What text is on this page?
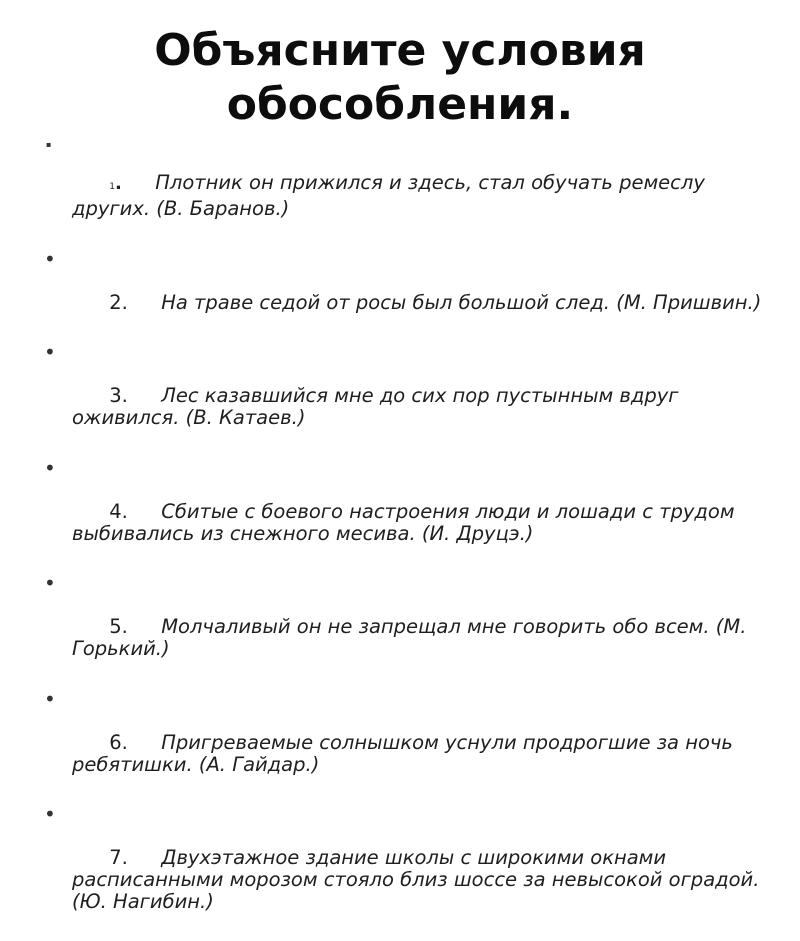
Объясните условия
обособления.

▪

1. Плотник он прижился и здесь, стал обучать ремеслу других. (В. Баранов.)

•

2. На траве седой от росы был большой след. (М. Пришвин.)

•

3. Лес казавшийся мне до сих пор пустынным вдруг оживился. (В. Катаев.)

•

4. Сбитые с боевого настроения люди и лошади с трудом выбивались из снежного месива. (И. Друцэ.)

•

5. Молчаливый он не запрещал мне говорить обо всем. (М. Горький.)

•

6. Пригреваемые солнышком уснули продрогшие за ночь ребятишки. (А. Гайдар.)

•

7. Двухэтажное здание школы с широкими окнами расписанными морозом стояло близ шоссе за невысокой оградой. (Ю. Нагибин.)
